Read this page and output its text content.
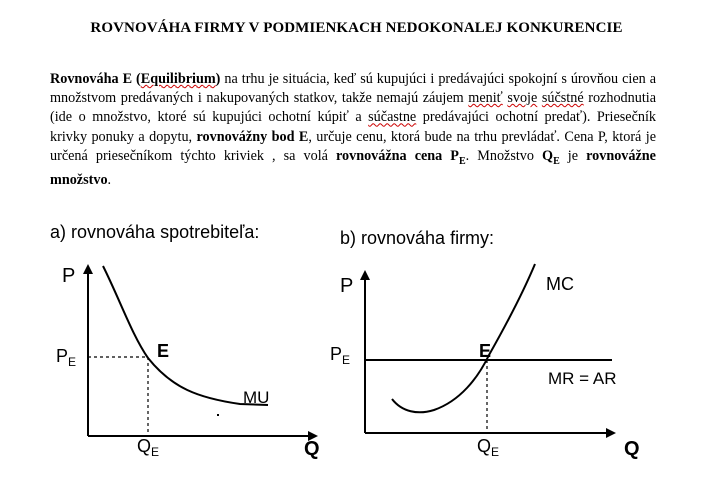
ROVNOVÁHA FIRMY V PODMIENKACH NEDOKONALEJ KONKURENCIE
Rovnováha E (Equilibrium) na trhu je situácia, keď sú kupujúci i predávajúci spokojní s úrovňou cien a množstvom predávaných i nakupovaných statkov, takže nemajú záujem meniť svoje súčstné rozhodnutia (ide o množstvo, ktoré sú kupujúci ochotní kúpiť a súčastne predávajúci ochotní predať). Priesečník krivky ponuky a dopytu, rovnovážny bod E, určuje cenu, ktorá bude na trhu prevládať. Cena P, ktorá je určená priesečníkom týchto kriviek , sa volá rovnovážna cena $P_E$. Množstvo $Q_E$ je rovnovážne množstvo.
a) rovnováha spotrebiteľa:	b) rovnováha firmy:
P
Q
$P_E$
$Q_E$
E
MU
P
Q
$P_E$
$Q_E$
E
MC
MR = AR
